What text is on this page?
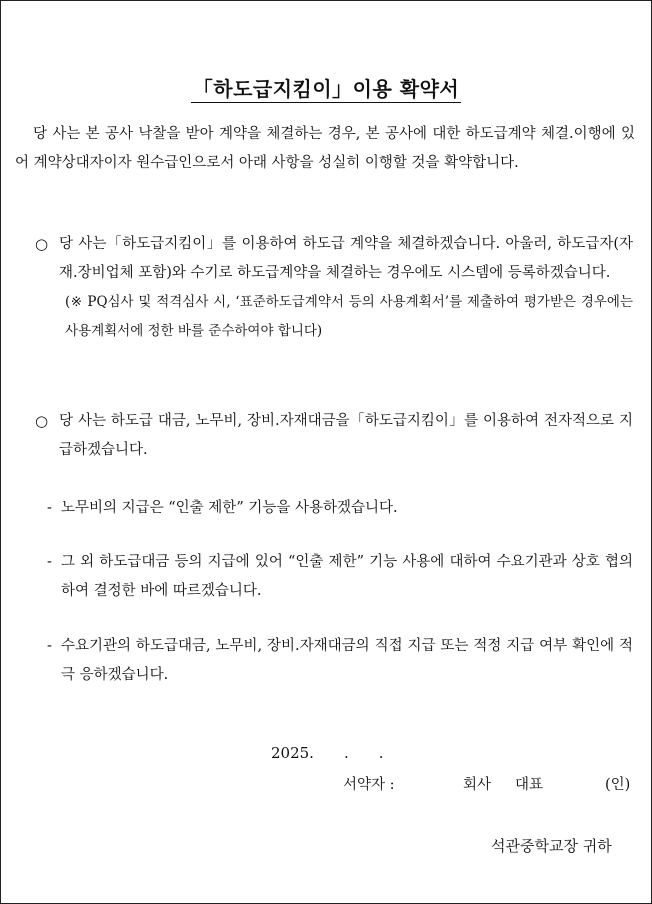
「하도급지킴이」이용 확약서
당 사는 본 공사 낙찰을 받아 계약을 체결하는 경우, 본 공사에 대한 하도급계약 체결.이행에 있어 계약상대자이자 원수급인으로서 아래 사항을 성실히 이행할 것을 확약합니다.
○ 당 사는「하도급지킴이」를 이용하여 하도급 계약을 체결하겠습니다. 아울러, 하도급자(자재.장비업체 포함)와 수기로 하도급계약을 체결하는 경우에도 시스템에 등록하겠습니다.
(※ PQ심사 및 적격심사 시, ‘표준하도급계약서 등의 사용계획서’를 제출하여 평가받은 경우에는 사용계획서에 정한 바를 준수하여야 합니다)
○ 당 사는 하도급 대금, 노무비, 장비.자재대금을「하도급지킴이」를 이용하여 전자적으로 지급하겠습니다.
- 노무비의 지급은 “인출 제한” 기능을 사용하겠습니다.
- 그 외 하도급대금 등의 지급에 있어 “인출 제한” 기능 사용에 대하여 수요기관과 상호 협의하여 결정한 바에 따르겠습니다.
- 수요기관의 하도급대금, 노무비, 장비.자재대금의 직접 지급 또는 적정 지급 여부 확인에 적극 응하겠습니다.
2025. . .
서약자 :	회사 대표	(인)
석관중학교장 귀하
